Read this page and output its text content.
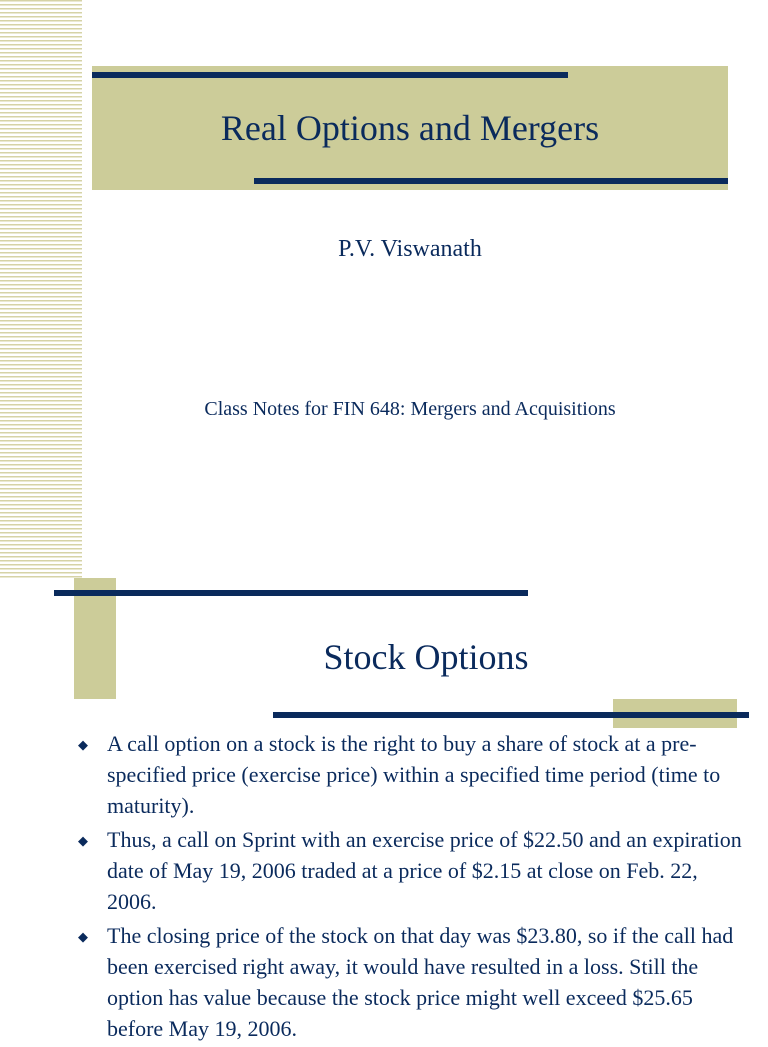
Real Options and Mergers
P.V. Viswanath
Class Notes for FIN 648: Mergers and Acquisitions
Stock Options
◆ A call option on a stock is the right to buy a share of stock at a pre-specified price (exercise price) within a specified time period (time to maturity).
◆ Thus, a call on Sprint with an exercise price of $22.50 and an expiration date of May 19, 2006 traded at a price of $2.15 at close on Feb. 22, 2006.
◆ The closing price of the stock on that day was $23.80, so if the call had been exercised right away, it would have resulted in a loss. Still the option has value because the stock price might well exceed $25.65 before May 19, 2006.
